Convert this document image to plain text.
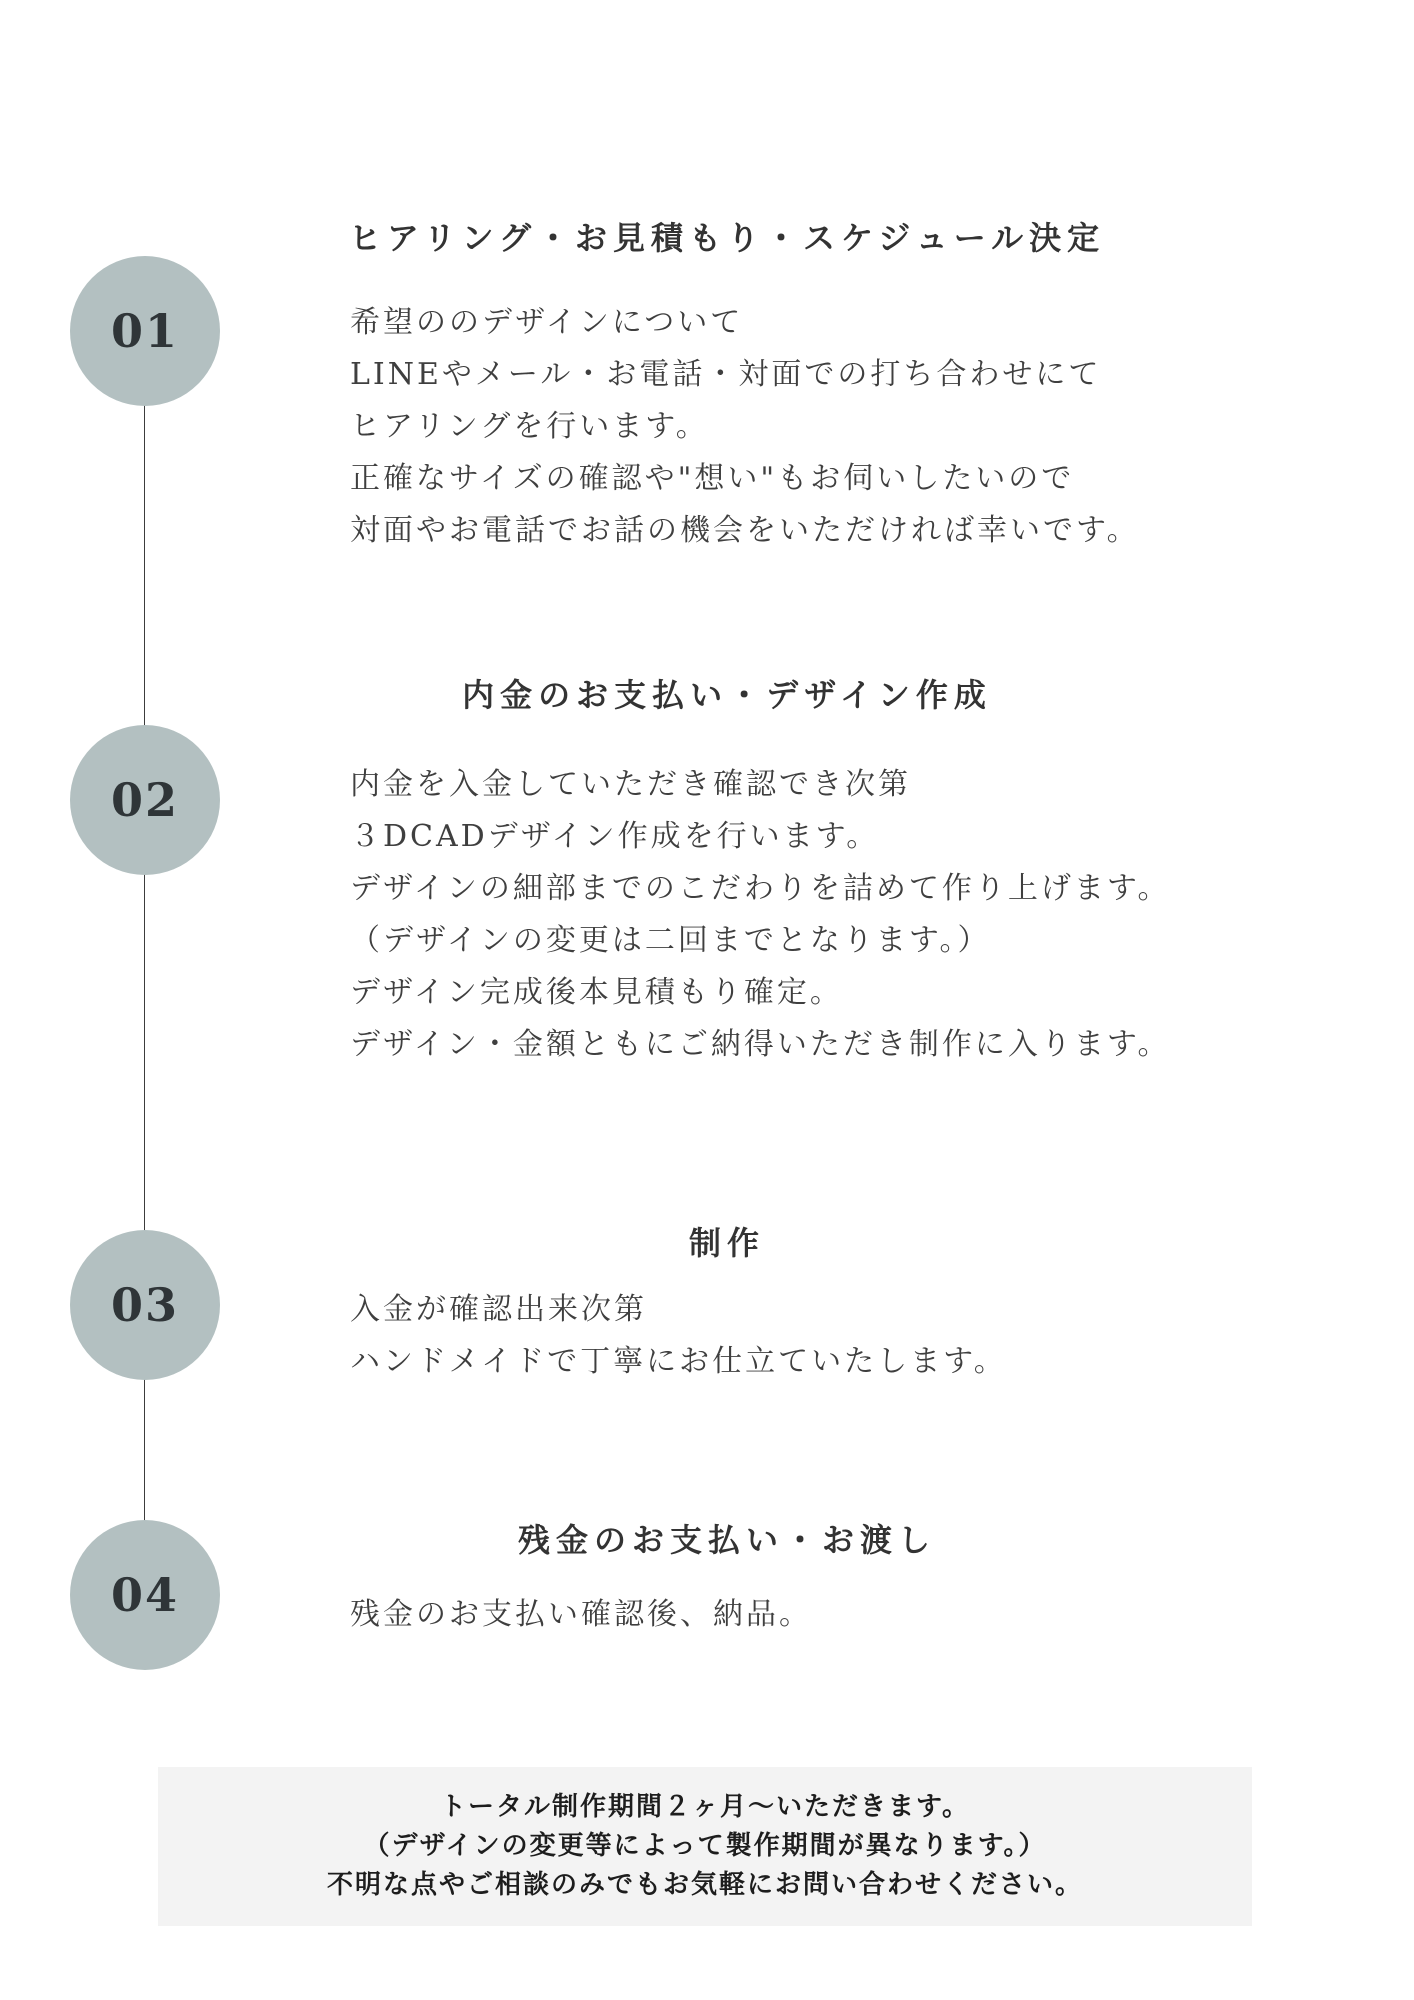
01
ヒアリング・お見積もり・スケジュール決定
希望ののデザインについて
LINEやメール・お電話・対面での打ち合わせにて
ヒアリングを行います。
正確なサイズの確認や"想い"もお伺いしたいので
対面やお電話でお話の機会をいただければ幸いです。
02
内金のお支払い・デザイン作成
内金を入金していただき確認でき次第
３DCADデザイン作成を行います。
デザインの細部までのこだわりを詰めて作り上げます。
（デザインの変更は二回までとなります。）
デザイン完成後本見積もり確定。
デザイン・金額ともにご納得いただき制作に入ります。
03
制作
入金が確認出来次第
ハンドメイドで丁寧にお仕立ていたします。
04
残金のお支払い・お渡し
残金のお支払い確認後、納品。
トータル制作期間２ヶ月〜いただきます。
（デザインの変更等によって製作期間が異なります。）
不明な点やご相談のみでもお気軽にお問い合わせください。
